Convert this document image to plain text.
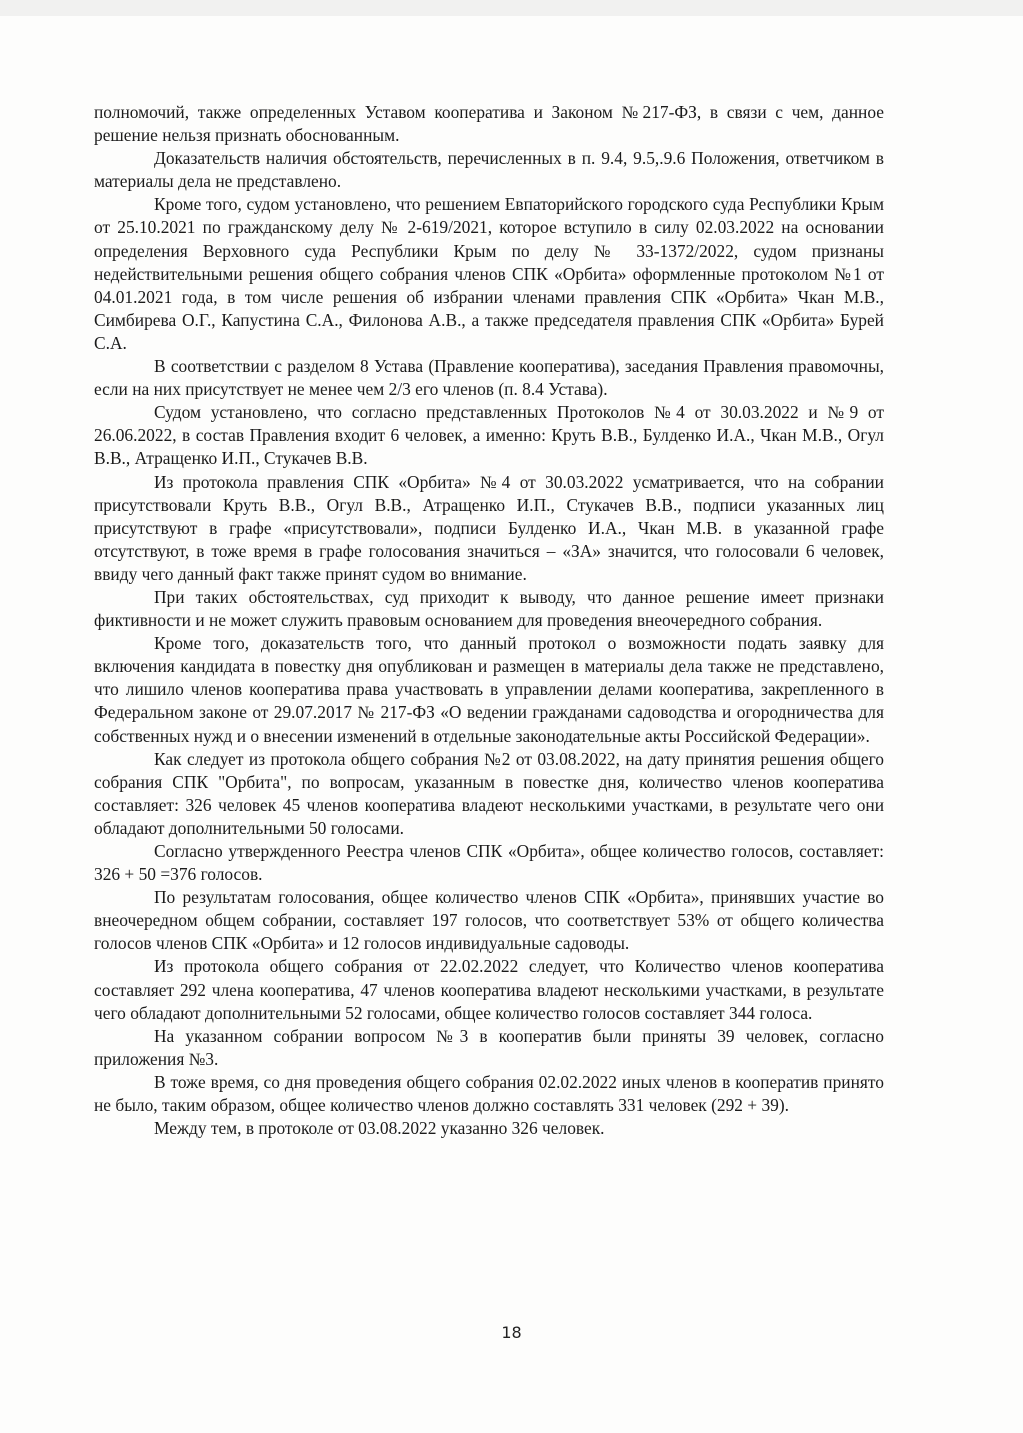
полномочий, также определенных Уставом кооператива и Законом №217-ФЗ, в связи с чем, данное решение нельзя признать обоснованным.

Доказательств наличия обстоятельств, перечисленных в п. 9.4, 9.5,.9.6 Положения, ответчиком в материалы дела не представлено.

Кроме того, судом установлено, что решением Евпаторийского городского суда Республики Крым от 25.10.2021 по гражданскому делу № 2-619/2021, которое вступило в силу 02.03.2022 на основании определения Верховного суда Республики Крым по делу № 33-1372/2022, судом признаны недействительными решения общего собрания членов СПК «Орбита» оформленные протоколом №1 от 04.01.2021 года, в том числе решения об избрании членами правления СПК «Орбита» Чкан М.В., Симбирева О.Г., Капустина С.А., Филонова А.В., а также председателя правления СПК «Орбита» Бурей С.А.

В соответствии с разделом 8 Устава (Правление кооператива), заседания Правления правомочны, если на них присутствует не менее чем 2/3 его членов (п. 8.4 Устава).

Судом установлено, что согласно представленных Протоколов №4 от 30.03.2022 и №9 от 26.06.2022, в состав Правления входит 6 человек, а именно: Круть В.В., Булденко И.А., Чкан М.В., Огул В.В., Атращенко И.П., Стукачев В.В.

Из протокола правления СПК «Орбита» №4 от 30.03.2022 усматривается, что на собрании присутствовали Круть В.В., Огул В.В., Атращенко И.П., Стукачев В.В., подписи указанных лиц присутствуют в графе «присутствовали», подписи Булденко И.А., Чкан М.В. в указанной графе отсутствуют, в тоже время в графе голосования значиться – «ЗА» значится, что голосовали 6 человек, ввиду чего данный факт также принят судом во внимание.

При таких обстоятельствах, суд приходит к выводу, что данное решение имеет признаки фиктивности и не может служить правовым основанием для проведения внеочередного собрания.

Кроме того, доказательств того, что данный протокол о возможности подать заявку для включения кандидата в повестку дня опубликован и размещен в материалы дела также не представлено, что лишило членов кооператива права участвовать в управлении делами кооператива, закрепленного в Федеральном законе от 29.07.2017 № 217-ФЗ «О ведении гражданами садоводства и огородничества для собственных нужд и о внесении изменений в отдельные законодательные акты Российской Федерации».

Как следует из протокола общего собрания №2 от 03.08.2022, на дату принятия решения общего собрания СПК "Орбита", по вопросам, указанным в повестке дня, количество членов кооператива составляет: 326 человек 45 членов кооператива владеют несколькими участками, в результате чего они обладают дополнительными 50 голосами.

Согласно утвержденного Реестра членов СПК «Орбита», общее количество голосов, составляет: 326 + 50 =376 голосов.

По результатам голосования, общее количество членов СПК «Орбита», принявших участие во внеочередном общем собрании, составляет 197 голосов, что соответствует 53% от общего количества голосов членов СПК «Орбита» и 12 голосов индивидуальные садоводы.

Из протокола общего собрания от 22.02.2022 следует, что Количество членов кооператива составляет 292 члена кооператива, 47 членов кооператива владеют несколькими участками, в результате чего обладают дополнительными 52 голосами, общее количество голосов составляет 344 голоса.

На указанном собрании вопросом №3 в кооператив были приняты 39 человек, согласно приложения №3.

В тоже время, со дня проведения общего собрания 02.02.2022 иных членов в кооператив принято не было, таким образом, общее количество членов должно составлять 331 человек (292 + 39).

Между тем, в протоколе от 03.08.2022 указанно 326 человек.

18
